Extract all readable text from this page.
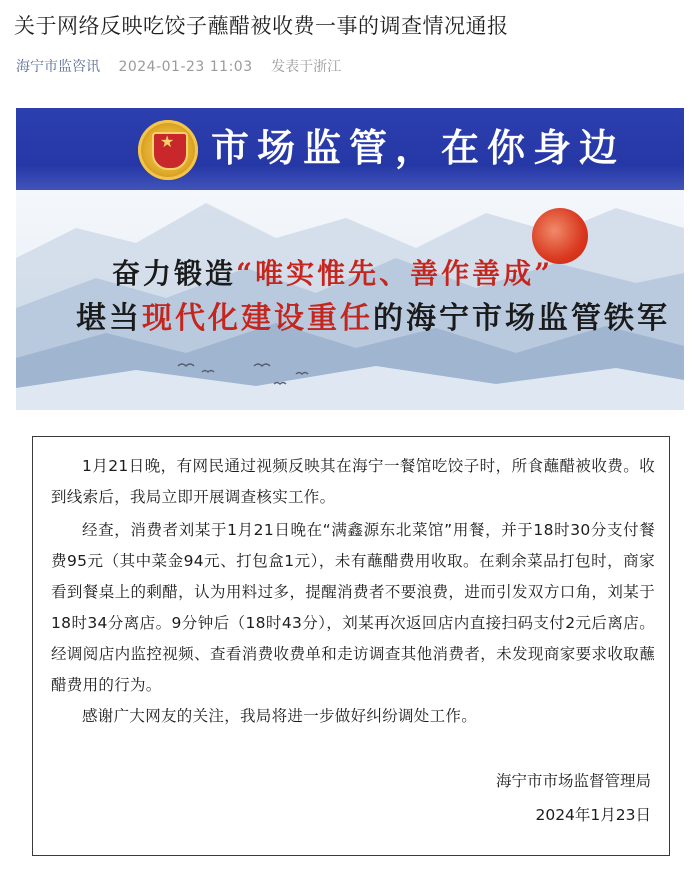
关于网络反映吃饺子蘸醋被收费一事的调查情况通报
海宁市监咨讯 2024-01-23 11:03 发表于浙江
★ 市场监管，在你身边
奋力锻造“唯实惟先、善作善成”
堪当现代化建设重任的海宁市场监管铁军

1月21日晚，有网民通过视频反映其在海宁一餐馆吃饺子时，所食蘸醋被收费。收到线索后，我局立即开展调查核实工作。

经查，消费者刘某于1月21日晚在“满鑫源东北菜馆”用餐，并于18时30分支付餐费95元（其中菜金94元、打包盒1元），未有蘸醋费用收取。在剩余菜品打包时，商家看到餐桌上的剩醋，认为用料过多，提醒消费者不要浪费，进而引发双方口角，刘某于18时34分离店。9分钟后（18时43分），刘某再次返回店内直接扫码支付2元后离店。经调阅店内监控视频、查看消费收费单和走访调查其他消费者，未发现商家要求收取蘸醋费用的行为。

感谢广大网友的关注，我局将进一步做好纠纷调处工作。

海宁市市场监督管理局
2024年1月23日
